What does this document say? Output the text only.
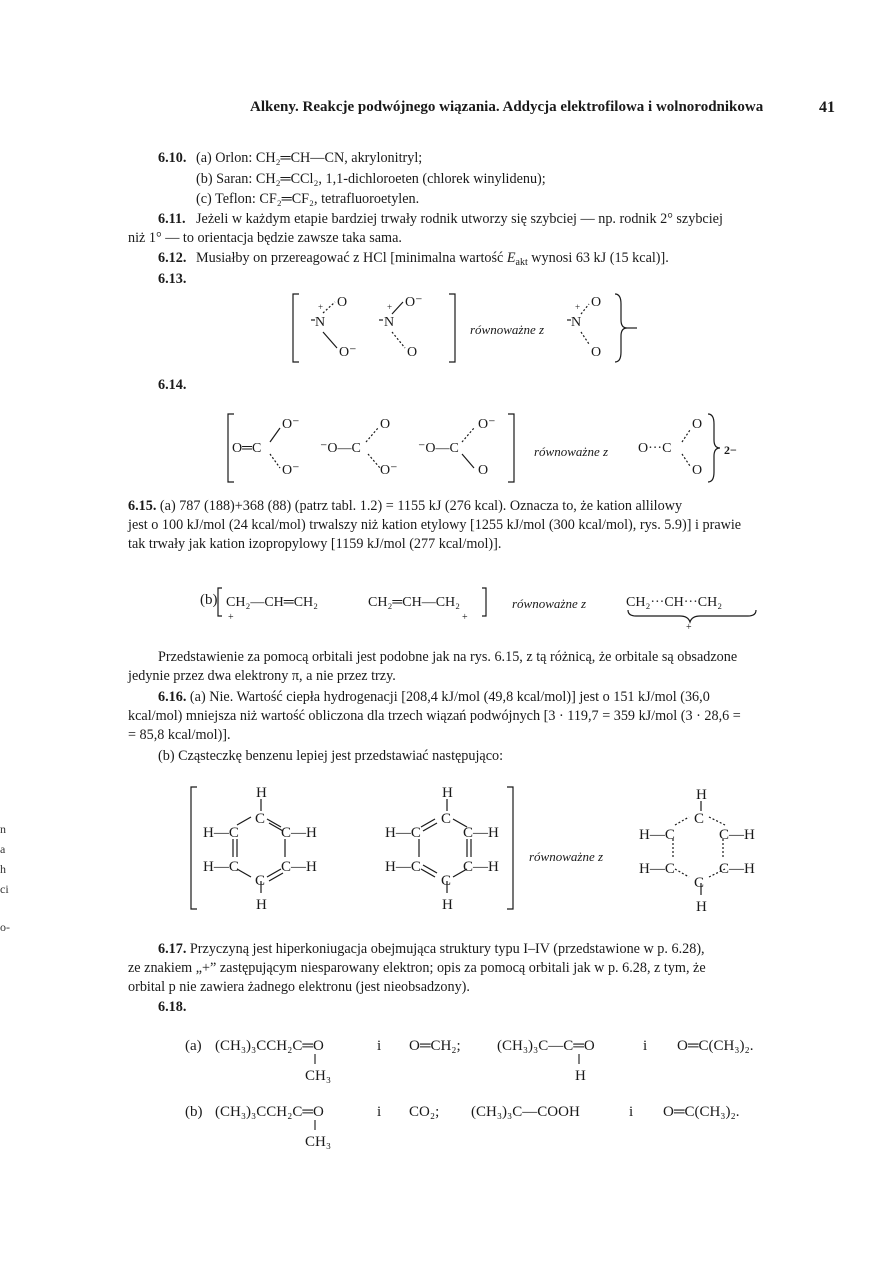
Alkeny. Reakcje podwójnego wiązania. Addycja elektrofilowa i wolnorodnikowa	41
6.10. (a) Orlon: CH₂═CH—CN, akrylonitryl;
(b) Saran: CH₂═CCl₂, 1,1-dichloroeten (chlorek winylidenu);
(c) Teflon: CF₂═CF₂, tetrafluoroetylen.
6.11. Jeżeli w każdym etapie bardziej trwały rodnik utworzy się szybciej — np. rodnik 2° szybciej
niż 1° — to orientacja będzie zawsze taka sama.
6.12. Musiałby on przereagować z HCl [minimalna wartość $E_{akt}$ wynosi 63 kJ (15 kcal)].
6.13.
N
+ O
O⁻
N
+ O⁻
O
równoważne z N
+ O
O
6.14.
O═C
O⁻
O⁻
⁻O—C
O
O⁻
⁻O—C
O⁻
O
równoważne z O···C
O
O
2−
6.15. (a) 787 (188)+368 (88) (patrz tabl. 1.2) = 1155 kJ (276 kcal). Oznacza to, że kation allilowy
jest o 100 kJ/mol (24 kcal/mol) trwalszy niż kation etylowy [1255 kJ/mol (300 kcal/mol), rys. 5.9)] i prawie
tak trwały jak kation izopropylowy [1159 kJ/mol (277 kcal/mol)].
(b) CH₂—CH═CH₂
+
CH₂═CH—CH₂
+
równoważne z	CH₂···CH···CH₂
+
Przedstawienie za pomocą orbitali jest podobne jak na rys. 6.15, z tą różnicą, że orbitale są obsadzone
jedynie przez dwa elektrony π, a nie przez trzy.
6.16. (a) Nie. Wartość ciepła hydrogenacji [208,4 kJ/mol (49,8 kcal/mol)] jest o 151 kJ/mol (36,0
kcal/mol) mniejsza niż wartość obliczona dla trzech wiązań podwójnych [3 · 119,7 = 359 kJ/mol (3 · 28,6 =
= 85,8 kcal/mol)].
(b) Cząsteczkę benzenu lepiej jest przedstawiać następująco:
H
C
H—C	C—H
H—C	C—H
C
H
H
C
H—C	C—H
H—C	C—H
C
H
równoważne z
H
C
H—C	C—H
H—C	C—H
C
H
6.17. Przyczyną jest hiperkoniugacja obejmująca struktury typu I–IV (przedstawione w p. 6.28),
ze znakiem „+” zastępującym niesparowany elektron; opis za pomocą orbitali jak w p. 6.28, z tym, że
orbital p nie zawiera żadnego elektronu (jest nieobsadzony).
6.18.
(a) (CH₃)₃CCH₂C═O
CH₃
i O═CH₂; (CH₃)₃C—C═O
H
i O═C(CH₃)₂.
(b) (CH₃)₃CCH₂C═O
CH₃
i CO₂; (CH₃)₃C—COOH	i O═C(CH₃)₂.
n
a
h
ci
o-
